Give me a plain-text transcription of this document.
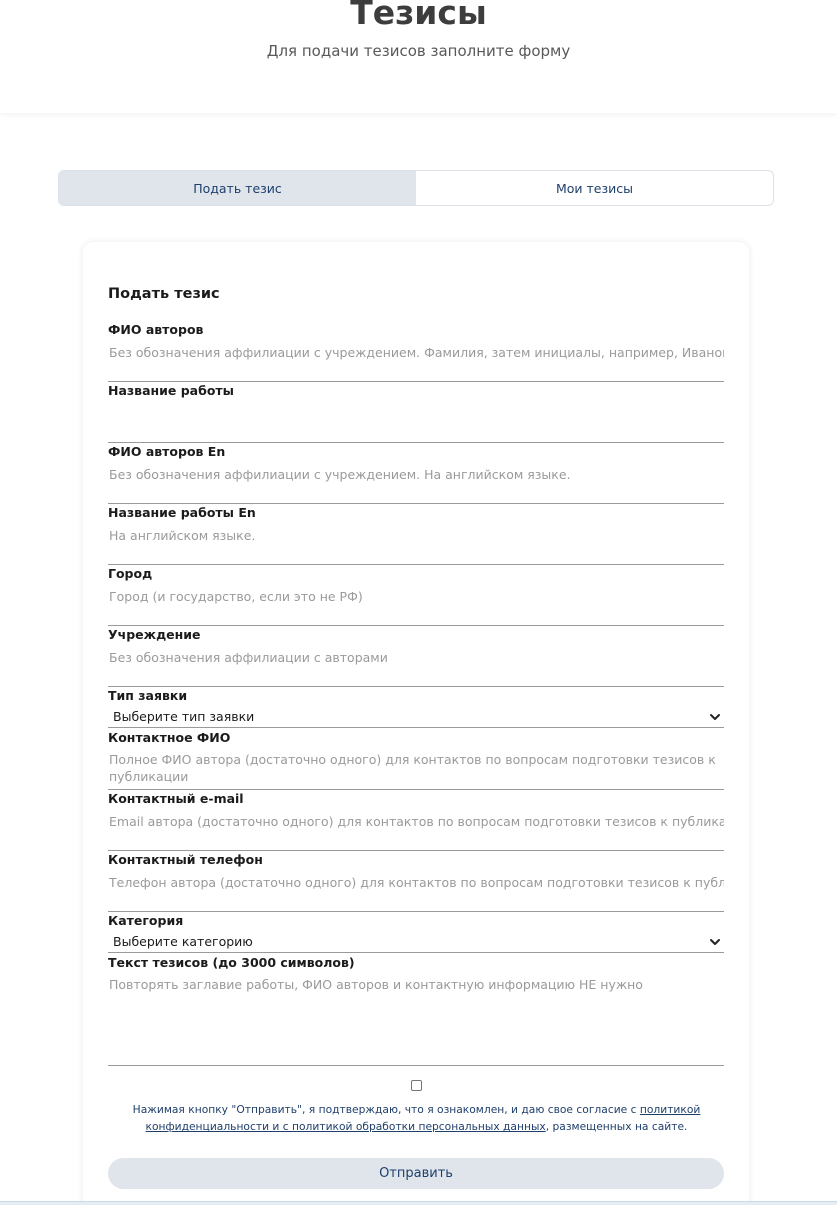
Тезисы
Для подачи тезисов заполните форму
Подать тезис	Мои тезисы
Подать тезис
ФИО авторов
Без обозначения аффилиации с учреждением. Фамилия, затем инициалы, например, Иванов И.И.
Название работы
ФИО авторов En
Без обозначения аффилиации с учреждением. На английском языке.
Название работы En
На английском языке.
Город
Город (и государство, если это не РФ)
Учреждение
Без обозначения аффилиации с авторами
Тип заявки
Выберите тип заявки
Контактное ФИО
Полное ФИО автора (достаточно одного) для контактов по вопросам подготовки тезисов к публикации
Контактный e-mail
Email автора (достаточно одного) для контактов по вопросам подготовки тезисов к публикации
Контактный телефон
Телефон автора (достаточно одного) для контактов по вопросам подготовки тезисов к публикации
Категория
Выберите категорию
Текст тезисов (до 3000 символов)
Повторять заглавие работы, ФИО авторов и контактную информацию НЕ нужно
Нажимая кнопку "Отправить", я подтверждаю, что я ознакомлен, и даю свое согласие с политикой конфиденциальности и с политикой обработки персональных данных, размещенных на сайте.
Отправить
